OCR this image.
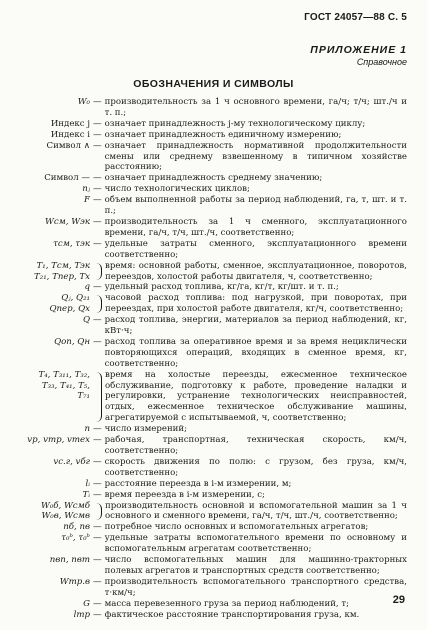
ГОСТ 24057—88 С. 5
ПРИЛОЖЕНИЕ 1
Справочное
ОБОЗНАЧЕНИЯ И СИМВОЛЫ
W₀ — производительность за 1 ч основного времени, га/ч; т/ч; шт./ч и т. п.;
Индекс j — означает принадлежность j-му технологическому циклу;
Индекс i — означает принадлежность единичному измерению;
Символ ∧ — означает принадлежность нормативной продолжительности смены или среднему взвешенному в типичном хозяйстве расстоянию;
Символ — — означает принадлежность среднему значению;
nⱼ — число технологических циклов;
F — объем выполненной работы за период наблюдений, га, т, шт. и т. п.;
Wсм, Wэк — производительность за 1 ч сменного, эксплуатационного времени, га/ч, т/ч, шт./ч, соответственно;
τсм, τэк — удельные затраты сменного, эксплуатационного времени соответственно;
T₁, Tсм, Tэк
T₂₁, Tпер, Tх
время: основной работы, сменное, эксплуатационное, поворотов, переездов, холостой работы двигателя, ч, соответственно;
q — удельный расход топлива, кг/га, кг/т, кг/шт. и т. п.;
Qⱼ, Q₂₁
Qпер, Qх
часовой расход топлива: под нагрузкой, при поворотах, при переездах, при холостой работе двигателя, кг/ч, соответственно;
Q — расход топлива, энергии, материалов за период наблюдений, кг, кВт·ч;
Qоп, Qн — расход топлива за оперативное время и за время нециклически повторяющихся операций, входящих в сменное время, кг, соответственно;
T₄, T₃₁₁, T₃₂,
T₃₃, T₄₁, T₅,
T₇₁
время на холостые переезды, ежесменное техническое обслуживание, подготовку к работе, проведение наладки и регулировки, устранение технологических неисправностей, отдых, ежесменное техническое обслуживание машины, агрегатируемой с испытываемой, ч, соответственно;
n — число измерений;
vр, vтр, vтех — рабочая, транспортная, техническая скорость, км/ч, соответственно;
vс.г, vбг — скорость движения по полю: с грузом, без груза, км/ч, соответственно;
lᵢ — расстояние переезда в i-м измерении, м;
Tᵢ — время переезда в i-м измерении, с;
W₀б, Wсмб
W₀в, Wсмв
производительность основной и вспомогательной машин за 1 ч основного и сменного времени, га/ч, т/ч, шт./ч, соответственно;
nб, nв — потребное число основных и вспомогательных агрегатов;
τ₀ᵇ, τ₀ᵇ — удельные затраты вспомогательного времени по основному и вспомогательным агрегатам соответственно;
nвп, nвт — число вспомогательных машин для машинно-тракторных полевых агрегатов и транспортных средств соответственно;
Wтр.в — производительность вспомогательного транспортного средства, т·км/ч;
G — масса перевезенного груза за период наблюдений, т;
lтр — фактическое расстояние транспортирования груза, км.
29
